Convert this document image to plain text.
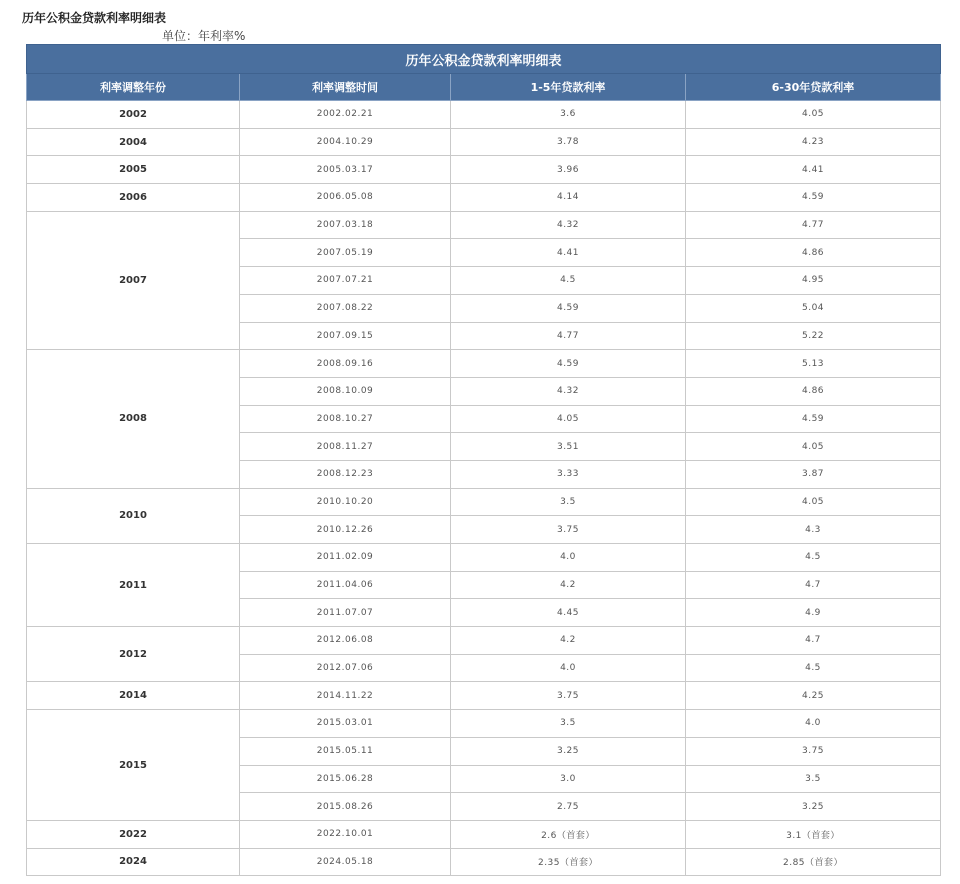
历年公积金贷款利率明细表
单位：年利率%
历年公积金贷款利率明细表			
利率调整年份	利率调整时间	1-5年贷款利率	6-30年贷款利率
2002	2002.02.21	3.6	4.05
2004	2004.10.29	3.78	4.23
2005	2005.03.17	3.96	4.41
2006	2006.05.08	4.14	4.59
2007	2007.03.18	4.32	4.77
	2007.05.19	4.41	4.86
	2007.07.21	4.5	4.95
	2007.08.22	4.59	5.04
	2007.09.15	4.77	5.22
2008	2008.09.16	4.59	5.13
	2008.10.09	4.32	4.86
	2008.10.27	4.05	4.59
	2008.11.27	3.51	4.05
	2008.12.23	3.33	3.87
2010	2010.10.20	3.5	4.05
	2010.12.26	3.75	4.3
2011	2011.02.09	4.0	4.5
	2011.04.06	4.2	4.7
	2011.07.07	4.45	4.9
2012	2012.06.08	4.2	4.7
	2012.07.06	4.0	4.5
2014	2014.11.22	3.75	4.25
2015	2015.03.01	3.5	4.0
	2015.05.11	3.25	3.75
	2015.06.28	3.0	3.5
	2015.08.26	2.75	3.25
2022	2022.10.01	2.6（首套）	3.1（首套）
2024	2024.05.18	2.35（首套）	2.85（首套）
